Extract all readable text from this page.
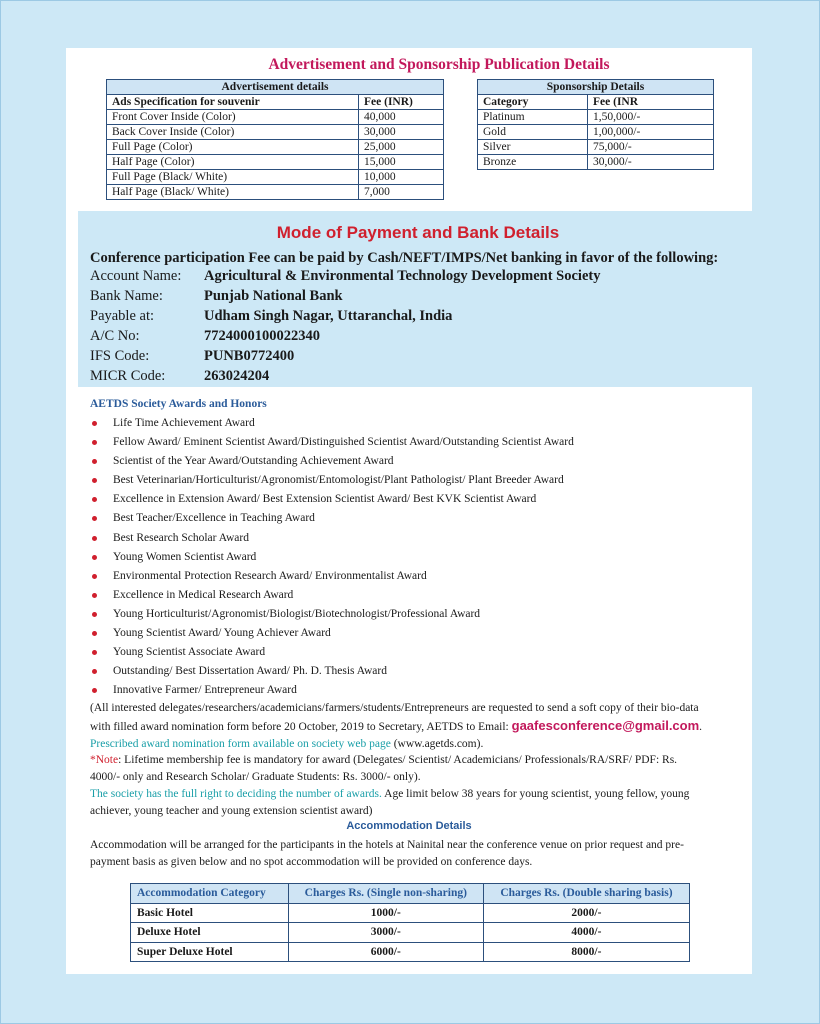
Advertisement and Sponsorship Publication Details
Advertisement details	
Ads Specification for souvenir	Fee (INR)
Front Cover Inside (Color)	40,000
Back Cover Inside (Color)	30,000
Full Page (Color)	25,000
Half Page (Color)	15,000
Full Page (Black/ White)	10,000
Half Page (Black/ White)	7,000
Sponsorship Details	
Category	Fee (INR
Platinum	1,50,000/-
Gold	1,00,000/-
Silver	75,000/-
Bronze	30,000/-
Mode of Payment and Bank Details
Conference participation Fee can be paid by Cash/NEFT/IMPS/Net banking in favor of the following:
Account Name:	Agricultural & Environmental Technology Development Society
Bank Name:	Punjab National Bank
Payable at:	Udham Singh Nagar, Uttaranchal, India
A/C No:	7724000100022340
IFS Code:	PUNB0772400
MICR Code:	263024204
AETDS Society Awards and Honors
Life Time Achievement Award
Fellow Award/ Eminent Scientist Award/Distinguished Scientist Award/Outstanding Scientist Award
Scientist of the Year Award/Outstanding Achievement Award
Best Veterinarian/Horticulturist/Agronomist/Entomologist/Plant Pathologist/ Plant Breeder Award
Excellence in Extension Award/ Best Extension Scientist Award/ Best KVK Scientist Award
Best Teacher/Excellence in Teaching Award
Best Research Scholar Award
Young Women Scientist Award
Environmental Protection Research Award/ Environmentalist Award
Excellence in Medical Research Award
Young Horticulturist/Agronomist/Biologist/Biotechnologist/Professional Award
Young Scientist Award/ Young Achiever Award
Young Scientist Associate Award
Outstanding/ Best Dissertation Award/ Ph. D. Thesis Award
Innovative Farmer/ Entrepreneur Award
(All interested delegates/researchers/academicians/farmers/students/Entrepreneurs are requested to send a soft copy of their bio-data
with filled award nomination form before 20 October, 2019 to Secretary, AETDS to Email: gaafesconference@gmail.com.
Prescribed award nomination form available on society web page (www.agetds.com).
*Note: Lifetime membership fee is mandatory for award (Delegates/ Scientist/ Academicians/ Professionals/RA/SRF/ PDF: Rs.
4000/- only and Research Scholar/ Graduate Students: Rs. 3000/- only).
The society has the full right to deciding the number of awards. Age limit below 38 years for young scientist, young fellow, young
achiever, young teacher and young extension scientist award)
Accommodation Details
Accommodation will be arranged for the participants in the hotels at Nainital near the conference venue on prior request and pre-
payment basis as given below and no spot accommodation will be provided on conference days.
Accommodation Category	Charges Rs. (Single non-sharing)	Charges Rs. (Double sharing basis)
Basic Hotel	1000/-	2000/-
Deluxe Hotel	3000/-	4000/-
Super Deluxe Hotel	6000/-	8000/-
